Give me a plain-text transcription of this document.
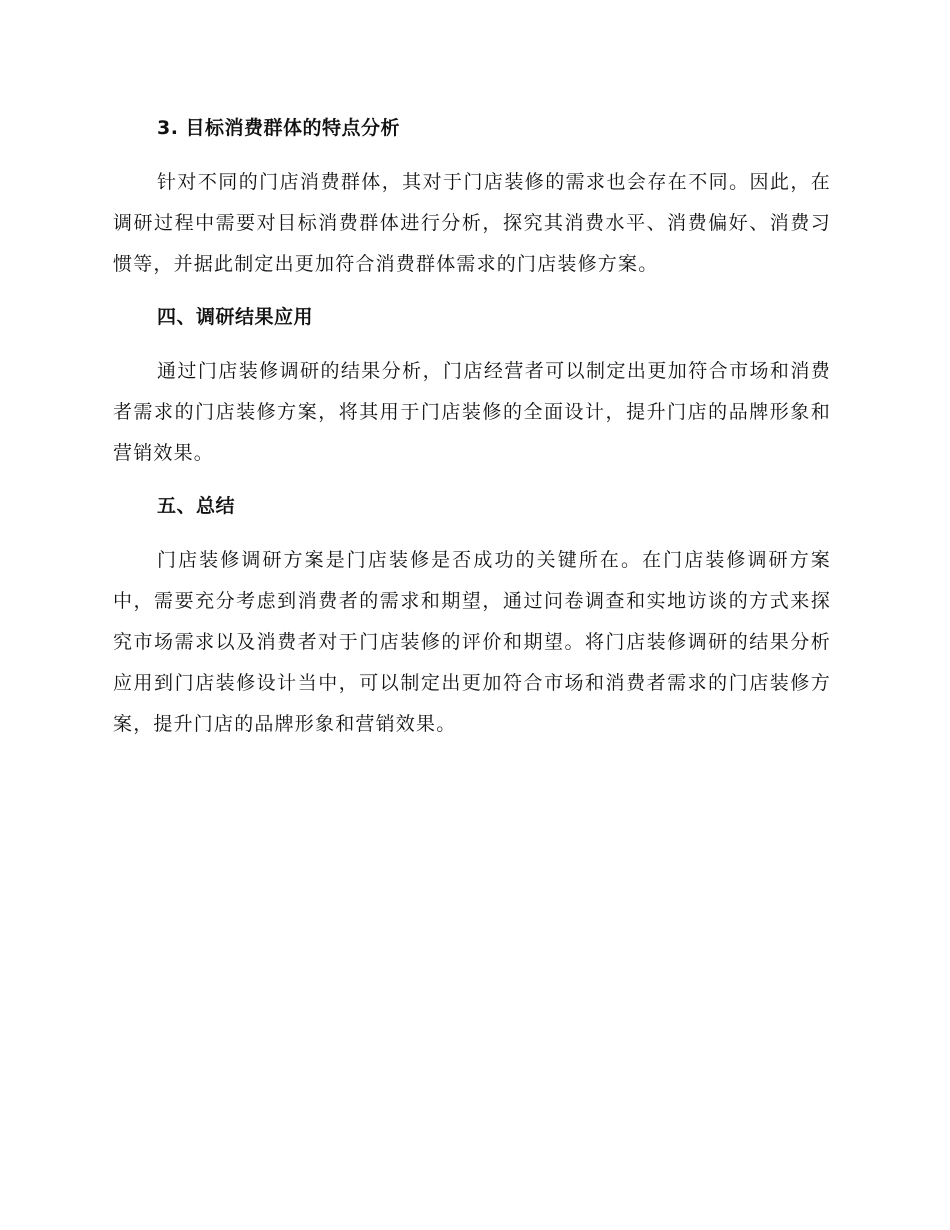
3. 目标消费群体的特点分析

针对不同的门店消费群体，其对于门店装修的需求也会存在不同。因此，在调研过程中需要对目标消费群体进行分析，探究其消费水平、消费偏好、消费习惯等，并据此制定出更加符合消费群体需求的门店装修方案。

四、调研结果应用

通过门店装修调研的结果分析，门店经营者可以制定出更加符合市场和消费者需求的门店装修方案，将其用于门店装修的全面设计，提升门店的品牌形象和营销效果。

五、总结

门店装修调研方案是门店装修是否成功的关键所在。在门店装修调研方案中，需要充分考虑到消费者的需求和期望，通过问卷调查和实地访谈的方式来探究市场需求以及消费者对于门店装修的评价和期望。将门店装修调研的结果分析应用到门店装修设计当中，可以制定出更加符合市场和消费者需求的门店装修方案，提升门店的品牌形象和营销效果。
